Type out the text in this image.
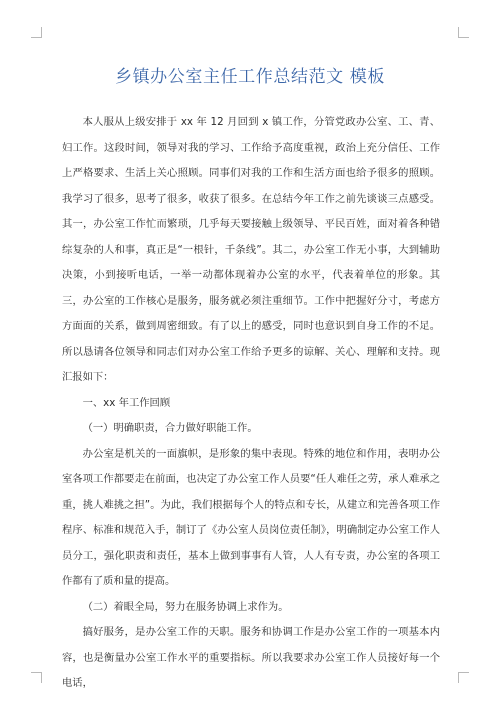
乡镇办公室主任工作总结范文 模板

本人服从上级安排于 xx 年 12 月回到 x 镇工作，分管党政办公室、工、青、妇工作。这段时间，领导对我的学习、工作给予高度重视，政治上充分信任、工作上严格要求、生活上关心照顾。同事们对我的工作和生活方面也给予很多的照顾。我学习了很多，思考了很多，收获了很多。在总结今年工作之前先谈谈三点感受。其一，办公室工作忙而繁琐，几乎每天要接触上级领导、平民百姓，面对着各种错综复杂的人和事，真正是“一根针，千条线”。其二，办公室工作无小事，大到辅助决策，小到接听电话，一举一动都体现着办公室的水平，代表着单位的形象。其三，办公室的工作核心是服务，服务就必须注重细节。工作中把握好分寸，考虑方方面面的关系，做到周密细致。有了以上的感受，同时也意识到自身工作的不足。所以恳请各位领导和同志们对办公室工作给予更多的谅解、关心、理解和支持。现汇报如下：

一、xx 年工作回顾

（一）明确职责，合力做好职能工作。

办公室是机关的一面旗帜，是形象的集中表现。特殊的地位和作用，表明办公室各项工作都要走在前面，也决定了办公室工作人员要“任人难任之劳，承人难承之重，挑人难挑之担”。为此，我们根据每个人的特点和专长，从建立和完善各项工作程序、标准和规范入手，制订了《办公室人员岗位责任制》，明确制定办公室工作人员分工，强化职责和责任，基本上做到事事有人管，人人有专责，办公室的各项工作都有了质和量的提高。

（二）着眼全局，努力在服务协调上求作为。

搞好服务，是办公室工作的天职。服务和协调工作是办公室工作的一项基本内容，也是衡量办公室工作水平的重要指标。所以我要求办公室工作人员接好每一个电话，
